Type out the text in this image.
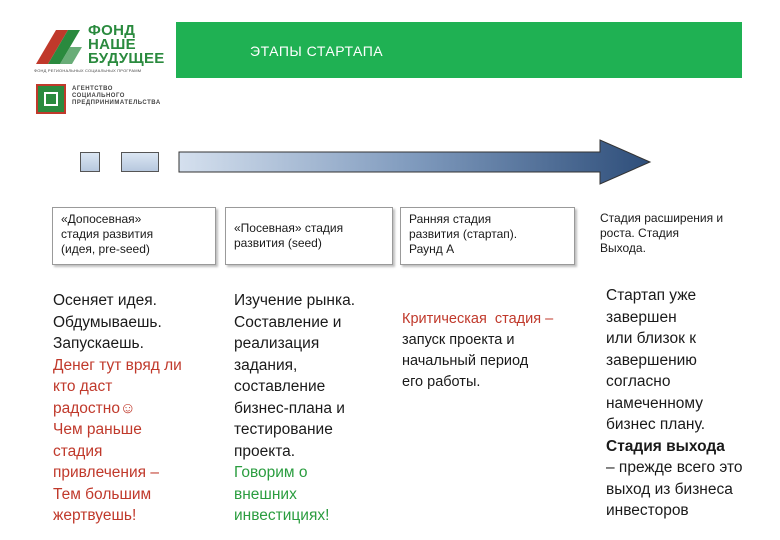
ФОНД
НАШЕ
БУДУЩЕЕ
ФОНД РЕГИОНАЛЬНЫХ СОЦИАЛЬНЫХ ПРОГРАММ
АГЕНТСТВО
СОЦИАЛЬНОГО
ПРЕДПРИНИМАТЕЛЬСТВА
ЭТАПЫ СТАРТАПА
«Допосевная»
стадия развития
(идея, pre-seed)
«Посевная» стадия
развития (seed)
Ранняя стадия
развития (стартап).
Раунд А
Стадия расширения и
роста. Стадия
Выхода.
Осеняет идея.
Обдумываешь.
Запускаешь.
Денег тут вряд ли
кто даст
радостно☺
Чем раньше
стадия
привлечения –
Тем большим
жертвуешь!
Изучение рынка.
Составление и
реализация
задания,
составление
бизнес-плана и
тестирование
проекта.
Говорим о
внешних
инвестициях!
Критическая  стадия –
запуск проекта и
начальный период
его работы.
Стартап уже
завершен
или близок к
завершению
согласно
намеченному
бизнес плану.
Стадия выхода
– прежде всего это
выход из бизнеса
инвесторов
